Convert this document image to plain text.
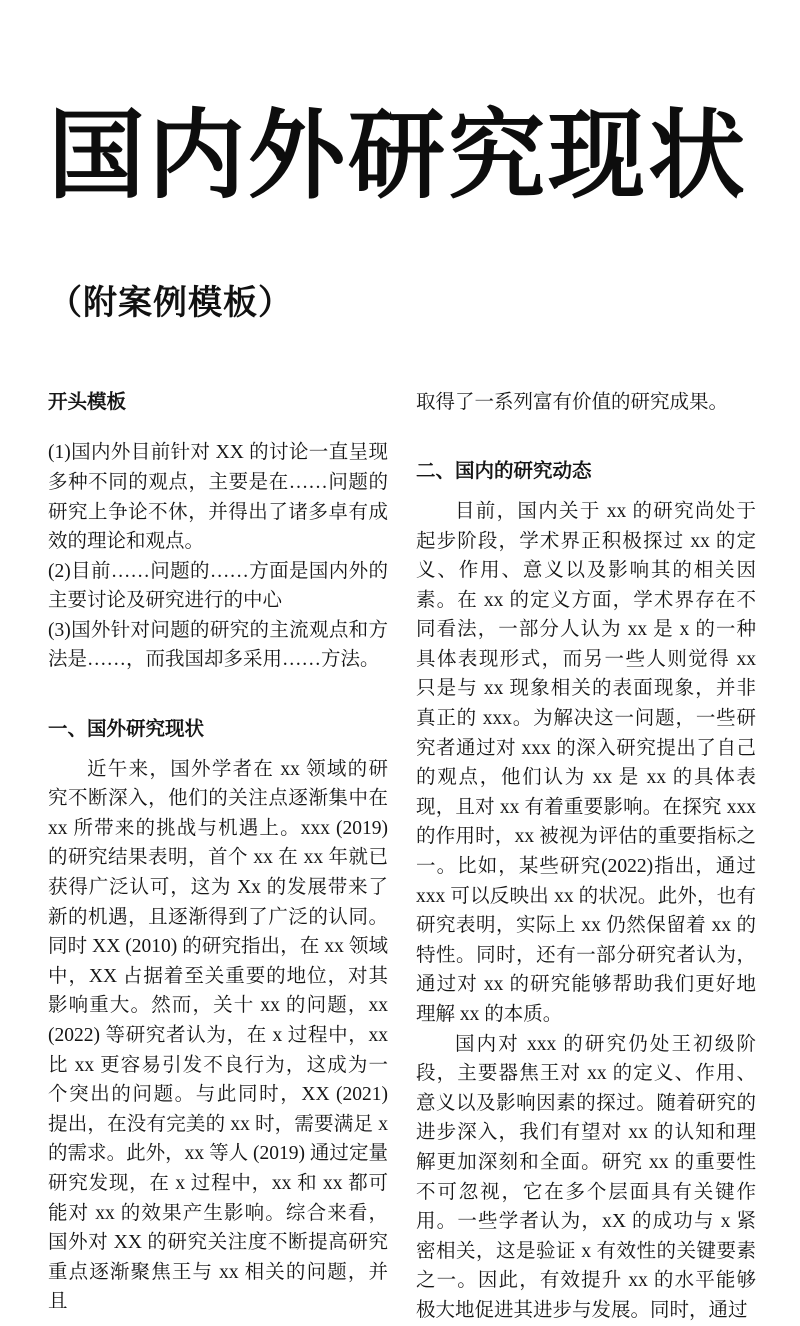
国内外研究现状
（附案例模板）

开头模板

(1)国内外目前针对 XX 的讨论一直呈现多种不同的观点，主要是在……问题的研究上争论不休，并得出了诸多卓有成效的理论和观点。

(2)目前……问题的……方面是国内外的主要讨论及研究进行的中心

(3)国外针对问题的研究的主流观点和方法是……，而我国却多采用……方法。

一、国外研究现状

近午来，国外学者在 xx 领域的研究不断深入，他们的关注点逐渐集中在 xx 所带来的挑战与机遇上。xxx (2019) 的研究结果表明，首个 xx 在 xx 年就已获得广泛认可，这为 Xx 的发展带来了新的机遇，且逐渐得到了广泛的认同。同时 XX (2010) 的研究指出，在 xx 领域中，XX 占据着至关重要的地位，对其影响重大。然而，关十 xx 的问题，xx (2022) 等研究者认为，在 x 过程中，xx 比 xx 更容易引发不良行为，这成为一个突出的问题。与此同时，XX (2021) 提出，在没有完美的 xx 时，需要满足 x 的需求。此外，xx 等人 (2019) 通过定量研究发现，在 x 过程中，xx 和 xx 都可能对 xx 的效果产生影响。综合来看，国外对 XX 的研究关注度不断提高研究重点逐渐聚焦王与 xx 相关的问题，并且

取得了一系列富有价值的研究成果。

二、国内的研究动态

目前，国内关于 xx 的研究尚处于起步阶段，学术界正积极探过 xx 的定义、作用、意义以及影响其的相关因素。在 xx 的定义方面，学术界存在不同看法，一部分人认为 xx 是 x 的一种具体表现形式，而另一些人则觉得 xx 只是与 xx 现象相关的表面现象，并非真正的 xxx。为解决这一问题，一些研究者通过对 xxx 的深入研究提出了自己的观点，他们认为 xx 是 xx 的具体表现，且对 xx 有着重要影响。在探究 xxx 的作用时，xx 被视为评估的重要指标之一。比如，某些研究(2022)指出，通过 xxx 可以反映出 xx 的状况。此外，也有研究表明，实际上 xx 仍然保留着 xx 的特性。同时，还有一部分研究者认为，通过对 xx 的研究能够帮助我们更好地理解 xx 的本质。

国内对 xxx 的研究仍处王初级阶段，主要器焦王对 xx 的定义、作用、意义以及影响因素的探过。随着研究的进步深入，我们有望对 xx 的认知和理解更加深刻和全面。研究 xx 的重要性不可忽视，它在多个层面具有关键作用。一些学者认为，xX 的成功与 x 紧密相关，这是验证 x 有效性的关键要素之一。因此，有效提升 xx 的水平能够极大地促进其进步与发展。同时，通过
